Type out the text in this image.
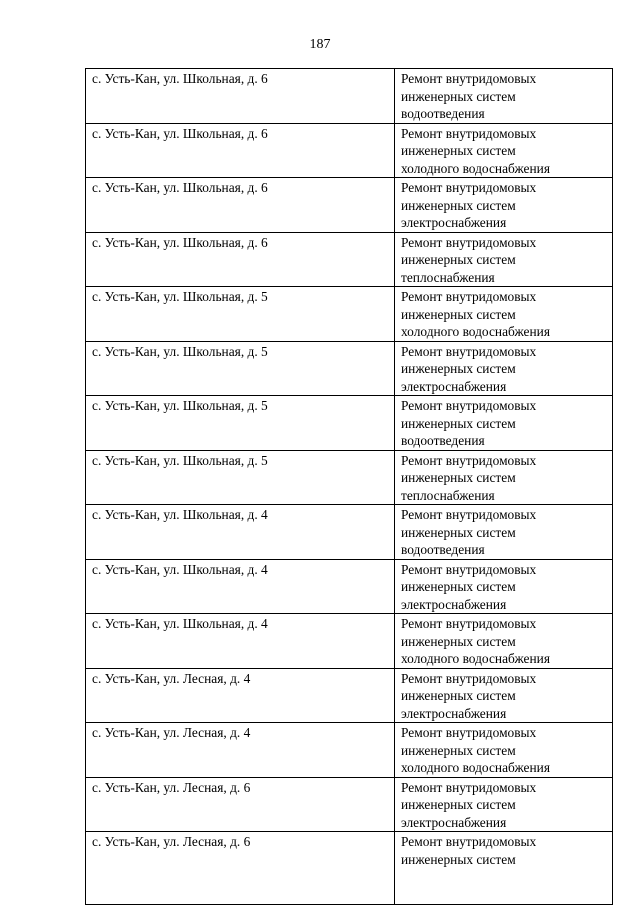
187
с. Усть-Кан, ул. Школьная, д. 6	Ремонт внутридомовых
инженерных систем
водоотведения

с. Усть-Кан, ул. Школьная, д. 6	Ремонт внутридомовых
инженерных систем
холодного водоснабжения

с. Усть-Кан, ул. Школьная, д. 6	Ремонт внутридомовых
инженерных систем
электроснабжения

с. Усть-Кан, ул. Школьная, д. 6	Ремонт внутридомовых
инженерных систем
теплоснабжения

с. Усть-Кан, ул. Школьная, д. 5	Ремонт внутридомовых
инженерных систем
холодного водоснабжения

с. Усть-Кан, ул. Школьная, д. 5	Ремонт внутридомовых
инженерных систем
электроснабжения

с. Усть-Кан, ул. Школьная, д. 5	Ремонт внутридомовых
инженерных систем
водоотведения

с. Усть-Кан, ул. Школьная, д. 5	Ремонт внутридомовых
инженерных систем
теплоснабжения

с. Усть-Кан, ул. Школьная, д. 4	Ремонт внутридомовых
инженерных систем
водоотведения

с. Усть-Кан, ул. Школьная, д. 4	Ремонт внутридомовых
инженерных систем
электроснабжения

с. Усть-Кан, ул. Школьная, д. 4	Ремонт внутридомовых
инженерных систем
холодного водоснабжения

с. Усть-Кан, ул. Лесная, д. 4	Ремонт внутридомовых
инженерных систем
электроснабжения

с. Усть-Кан, ул. Лесная, д. 4	Ремонт внутридомовых
инженерных систем
холодного водоснабжения

с. Усть-Кан, ул. Лесная, д. 6	Ремонт внутридомовых
инженерных систем
электроснабжения

с. Усть-Кан, ул. Лесная, д. 6	Ремонт внутридомовых
инженерных систем
